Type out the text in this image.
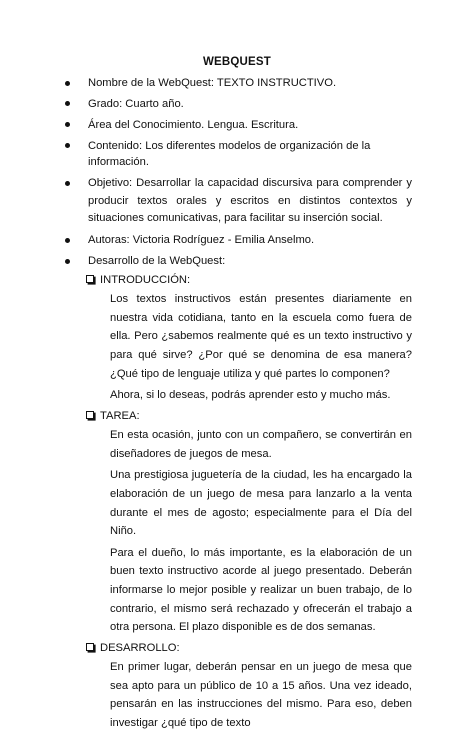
WEBQUEST
Nombre de la WebQuest: TEXTO INSTRUCTIVO.
Grado: Cuarto año.
Área del Conocimiento. Lengua. Escritura.
Contenido: Los diferentes modelos de organización de la información.
Objetivo: Desarrollar la capacidad discursiva para comprender y producir textos orales y escritos en distintos contextos y situaciones comunicativas, para facilitar su inserción social.
Autoras: Victoria Rodríguez - Emilia Anselmo.
Desarrollo de la WebQuest:
INTRODUCCIÓN:
Los textos instructivos están presentes diariamente en nuestra vida cotidiana, tanto en la escuela como fuera de ella. Pero ¿sabemos realmente qué es un texto instructivo y para qué sirve? ¿Por qué se denomina de esa manera? ¿Qué tipo de lenguaje utiliza y qué partes lo componen?
Ahora, si lo deseas, podrás aprender esto y mucho más.
TAREA:
En esta ocasión, junto con un compañero, se convertirán en diseñadores de juegos de mesa.
Una prestigiosa juguetería de la ciudad, les ha encargado la elaboración de un juego de mesa para lanzarlo a la venta durante el mes de agosto; especialmente para el Día del Niño.
Para el dueño, lo más importante, es la elaboración de un buen texto instructivo acorde al juego presentado. Deberán informarse lo mejor posible y realizar un buen trabajo, de lo contrario, el mismo será rechazado y ofrecerán el trabajo a otra persona. El plazo disponible es de dos semanas.
DESARROLLO:
En primer lugar, deberán pensar en un juego de mesa que sea apto para un público de 10 a 15 años. Una vez ideado, pensarán en las instrucciones del mismo. Para eso, deben investigar ¿qué tipo de texto
